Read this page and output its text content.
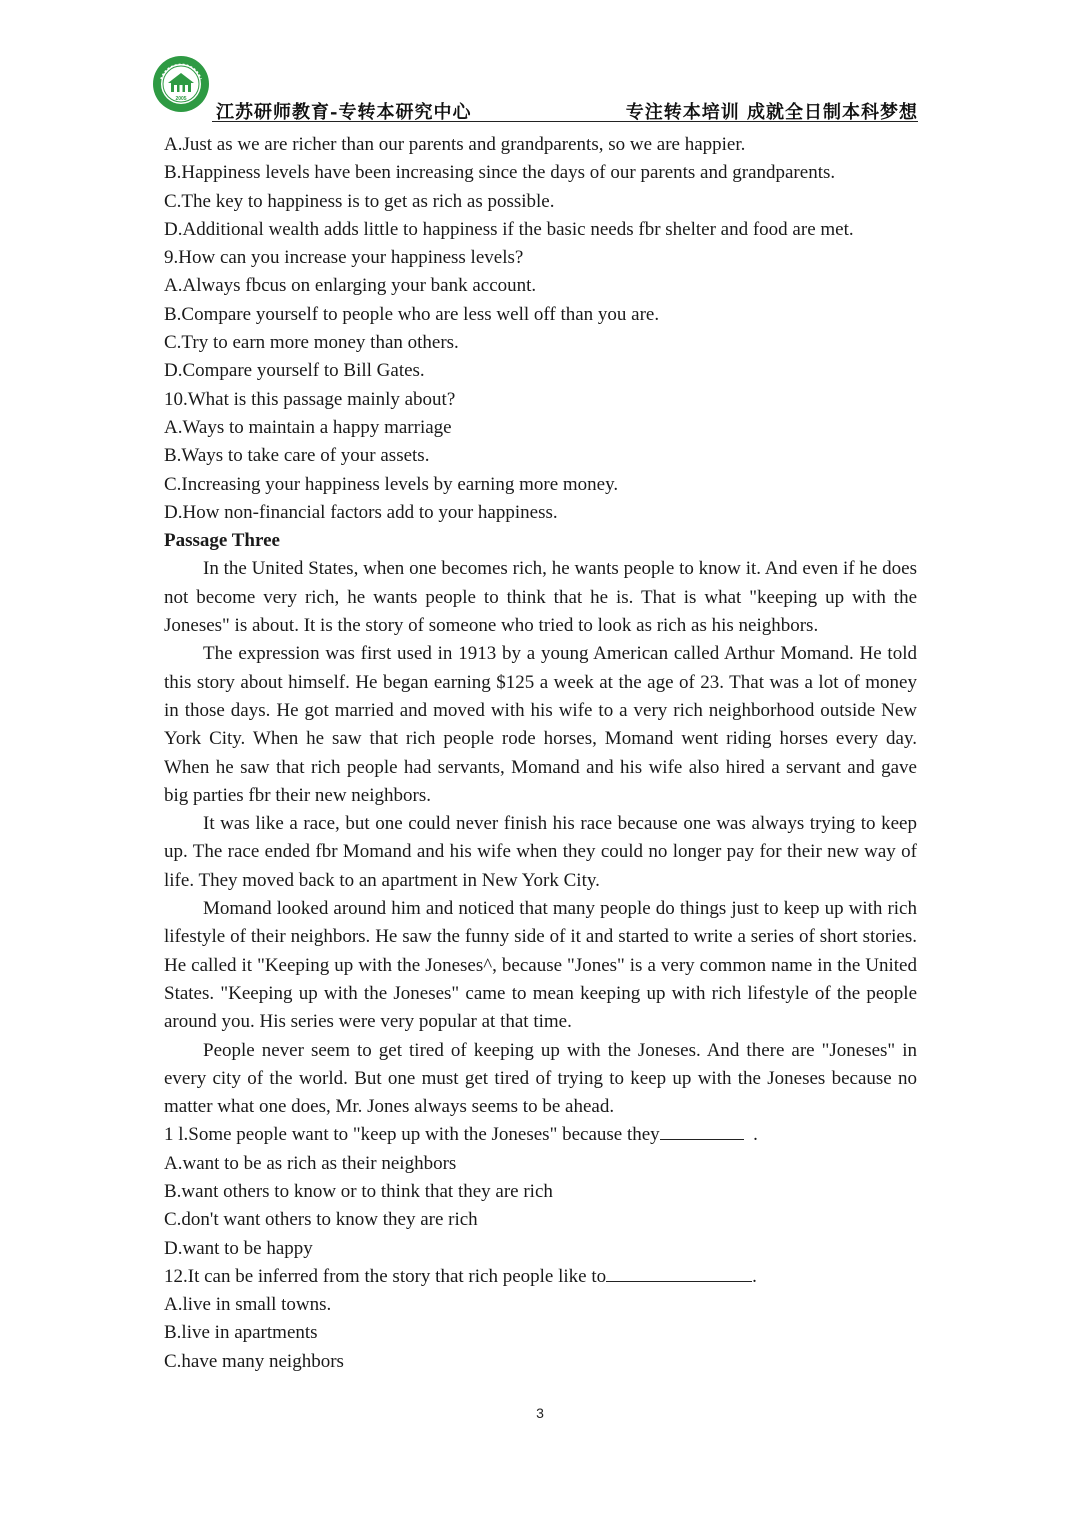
2005
江苏研师教育-专转本研究中心	专注转本培训 成就全日制本科梦想
A.Just as we are richer than our parents and grandparents, so we are happier.
B.Happiness levels have been increasing since the days of our parents and grandparents.
C.The key to happiness is to get as rich as possible.
D.Additional wealth adds little to happiness if the basic needs fbr shelter and food are met.
9.How can you increase your happiness levels?
A.Always fbcus on enlarging your bank account.
B.Compare yourself to people who are less well off than you are.
C.Try to earn more money than others.
D.Compare yourself to Bill Gates.
10.What is this passage mainly about?
A.Ways to maintain a happy marriage
B.Ways to take care of your assets.
C.Increasing your happiness levels by earning more money.
D.How non-financial factors add to your happiness.
Passage Three

In the United States, when one becomes rich, he wants people to know it. And even if he does not become very rich, he wants people to think that he is. That is what "keeping up with the Joneses" is about. It is the story of someone who tried to look as rich as his neighbors.

The expression was first used in 1913 by a young American called Arthur Momand. He told this story about himself. He began earning $125 a week at the age of 23. That was a lot of money in those days. He got married and moved with his wife to a very rich neighborhood outside New York City. When he saw that rich people rode horses, Momand went riding horses every day. When he saw that rich people had servants, Momand and his wife also hired a servant and gave big parties fbr their new neighbors.

It was like a race, but one could never finish his race because one was always trying to keep up. The race ended fbr Momand and his wife when they could no longer pay for their new way of life. They moved back to an apartment in New York City.

Momand looked around him and noticed that many people do things just to keep up with rich lifestyle of their neighbors. He saw the funny side of it and started to write a series of short stories. He called it "Keeping up with the Joneses^, because "Jones" is a very common name in the United States. "Keeping up with the Joneses" came to mean keeping up with rich lifestyle of the people around you. His series were very popular at that time.

People never seem to get tired of keeping up with the Joneses. And there are "Joneses" in every city of the world. But one must get tired of trying to keep up with the Joneses because no matter what one does, Mr. Jones always seems to be ahead.

1 l.Some people want to "keep up with the Joneses" because they	.
A.want to be as rich as their neighbors
B.want others to know or to think that they are rich
C.don't want others to know they are rich
D.want to be happy
12.It can be inferred from the story that rich people like to	.
A.live in small towns.
B.live in apartments
C.have many neighbors
3
